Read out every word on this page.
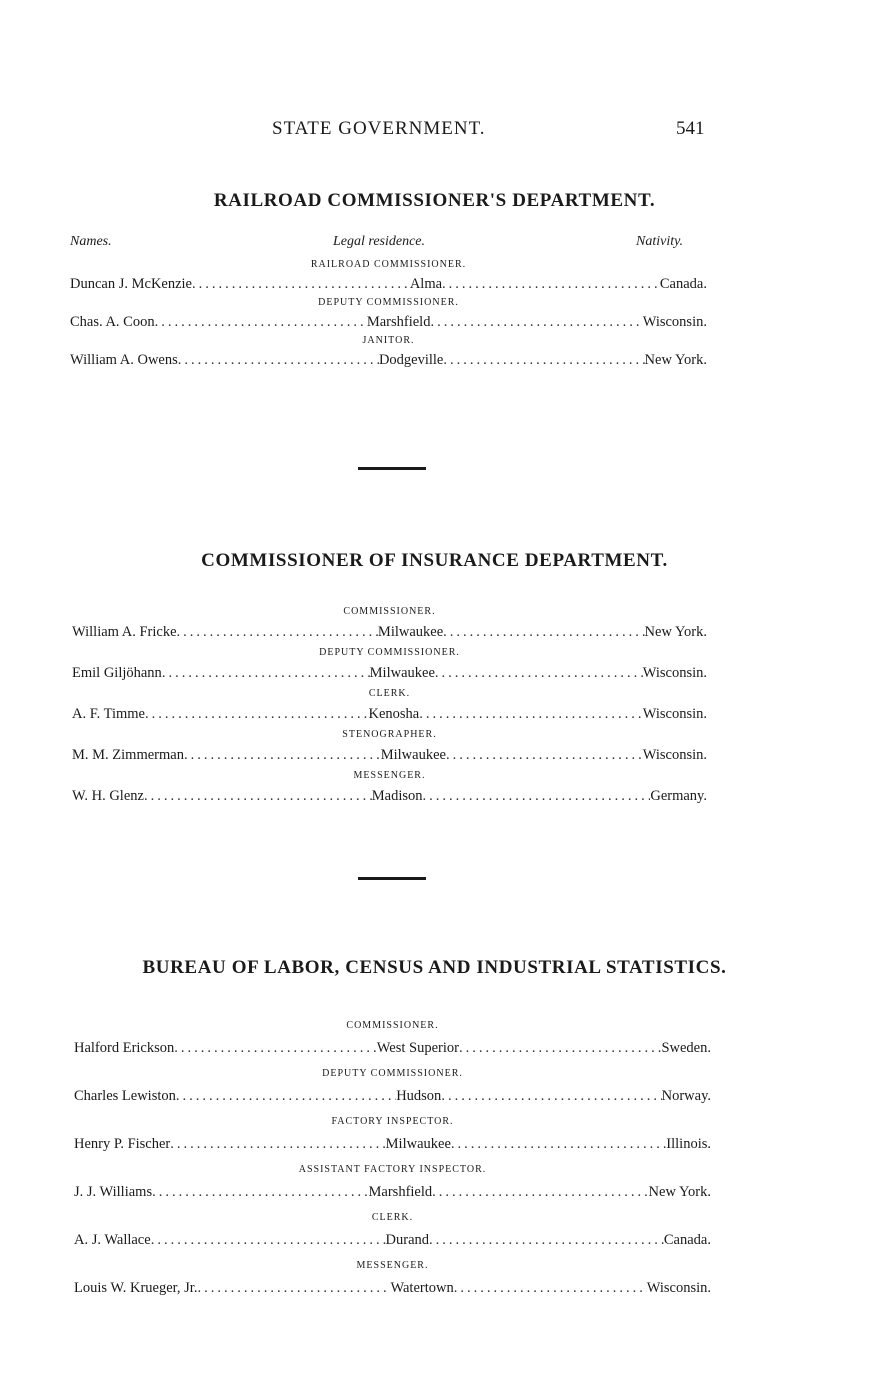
STATE GOVERNMENT.	541
RAILROAD COMMISSIONER'S DEPARTMENT.
Names.	Legal residence.	Nativity.
RAILROAD COMMISSIONER.
Duncan J. McKenzie .....	Alma .....	Canada.
DEPUTY COMMISSIONER.
Chas. A. Coon .....	Marshfield .....	Wisconsin.
JANITOR.
William A. Owens .....	Dodgeville .....	New York.
COMMISSIONER OF INSURANCE DEPARTMENT.
COMMISSIONER.
William A. Fricke .....	Milwaukee .....	New York.
DEPUTY COMMISSIONER.
Emil Giljöhann .....	Milwaukee .....	Wisconsin.
CLERK.
A. F. Timme .....	Kenosha .....	Wisconsin.
STENOGRAPHER.
M. M. Zimmerman .....	Milwaukee .....	Wisconsin.
MESSENGER.
W. H. Glenz .....	Madison .....	Germany.
BUREAU OF LABOR, CENSUS AND INDUSTRIAL STATISTICS.
COMMISSIONER.
Halford Erickson .....	West Superior .....	Sweden.
DEPUTY COMMISSIONER.
Charles Lewiston .....	Hudson .....	Norway.
FACTORY INSPECTOR.
Henry P. Fischer .....	Milwaukee .....	Illinois.
ASSISTANT FACTORY INSPECTOR.
J. J. Williams .....	Marshfield .....	New York.
CLERK.
A. J. Wallace .....	Durand .....	Canada.
MESSENGER.
Louis W. Krueger, Jr. .....	Watertown .....	Wisconsin.
